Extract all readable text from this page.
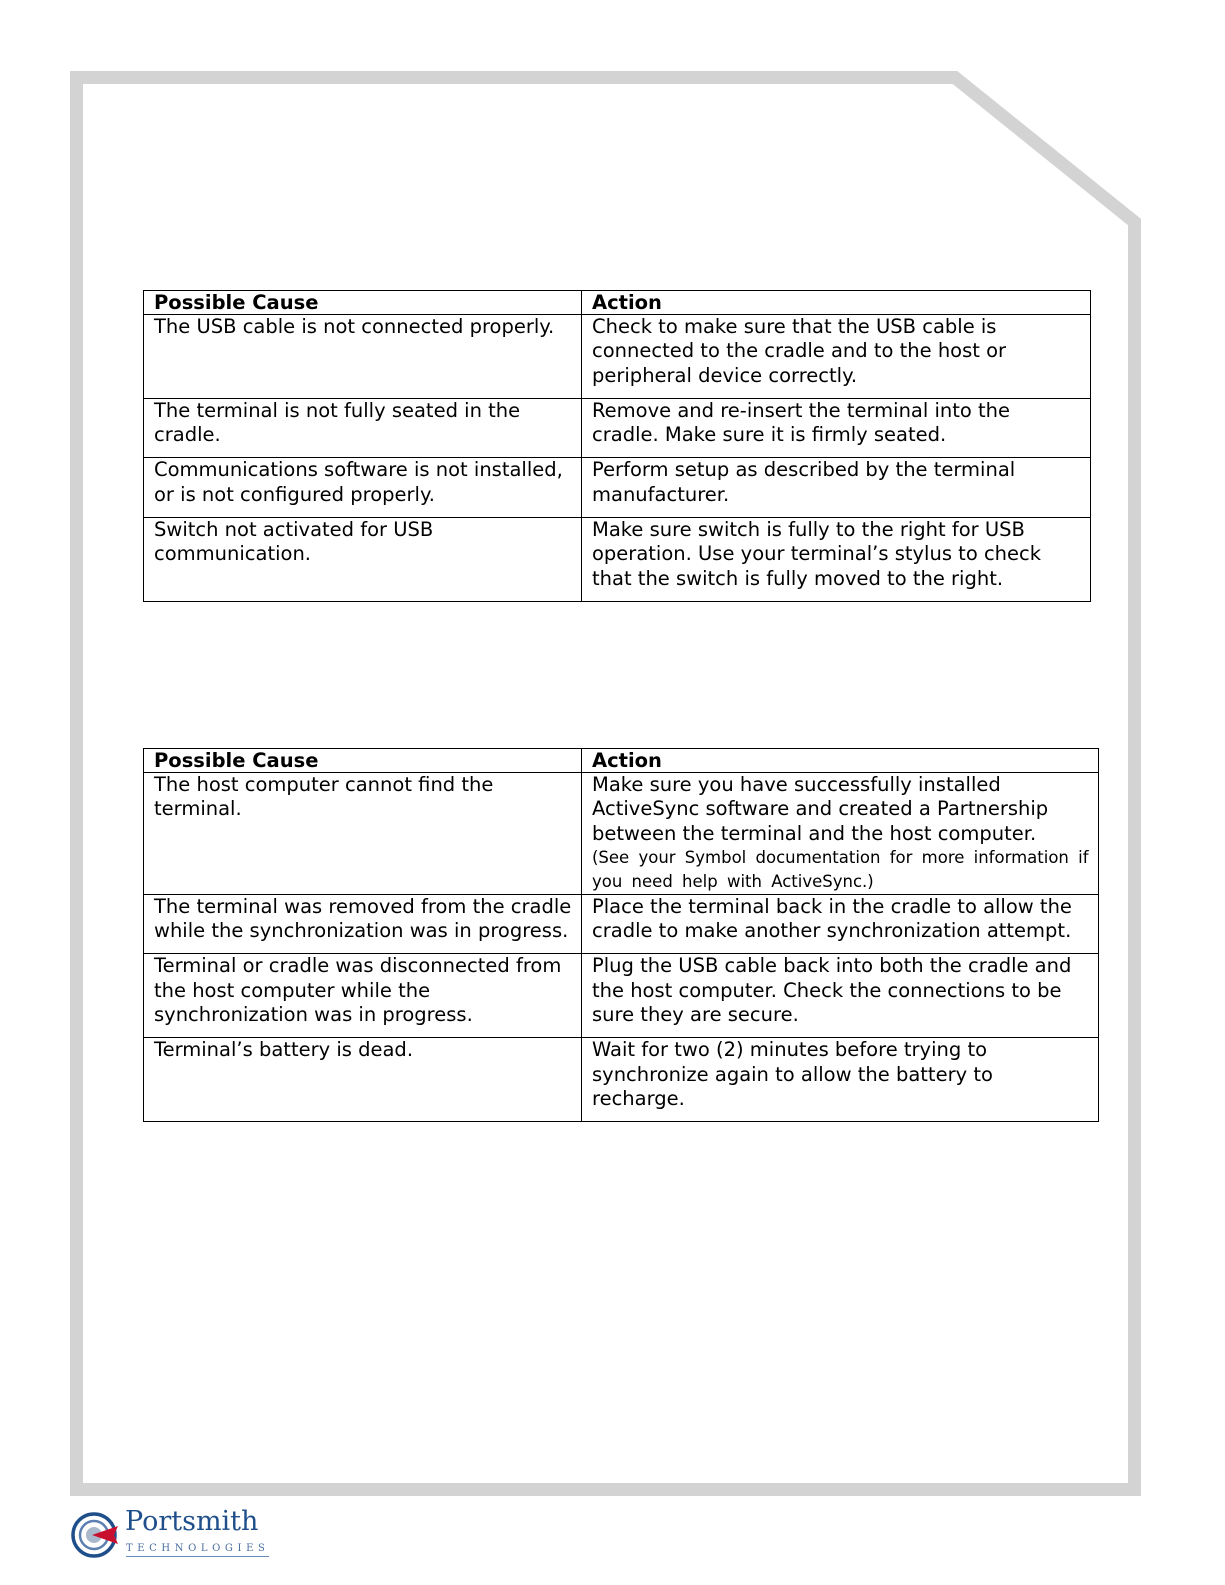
Possible Cause	Action
The USB cable is not connected properly.	Check to make sure that the USB cable is connected to the cradle and to the host or peripheral device correctly.
The terminal is not fully seated in the cradle.	Remove and re-insert the terminal into the cradle. Make sure it is firmly seated.
Communications software is not installed, or is not configured properly.	Perform setup as described by the terminal manufacturer.
Switch not activated for USB communication.	Make sure switch is fully to the right for USB operation. Use your terminal’s stylus to check that the switch is fully moved to the right.
Possible Cause	Action
The host computer cannot find the terminal.	Make sure you have successfully installed ActiveSync software and created a Partnership between the terminal and the host computer.
(See your Symbol documentation for more information if you need help with ActiveSync.)

The terminal was removed from the cradle while the synchronization was in progress.	Place the terminal back in the cradle to allow the cradle to make another synchronization attempt.
Terminal or cradle was disconnected from the host computer while the synchronization was in progress.	Plug the USB cable back into both the cradle and the host computer. Check the connections to be sure they are secure.
Terminal’s battery is dead.	Wait for two (2) minutes before trying to synchronize again to allow the battery to recharge.
Portsmith
TECHNOLOGIES
